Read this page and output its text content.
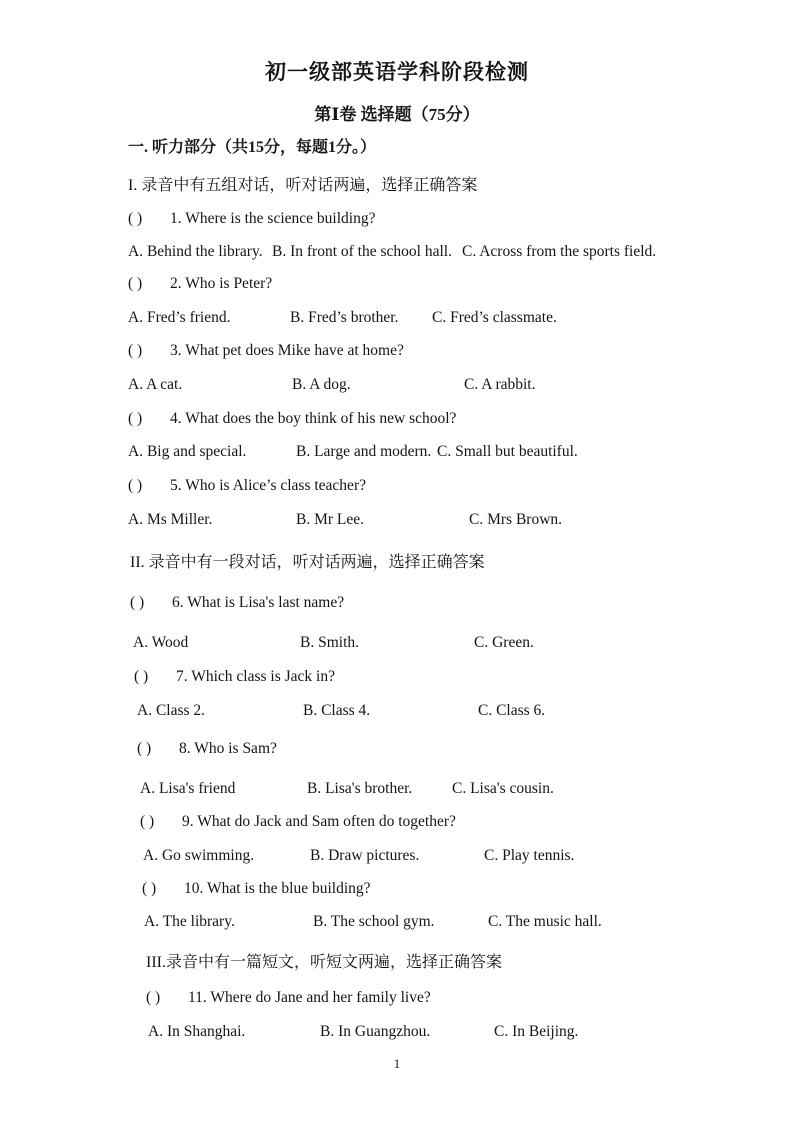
初一级部英语学科阶段检测
第Ⅰ卷 选择题（75分）
一. 听力部分（共15分，每题1分。）
I. 录音中有五组对话，听对话两遍，选择正确答案
( ) 1. Where is the science building?
A. Behind the library. B. In front of the school hall. C. Across from the sports field.
( ) 2. Who is Peter?
A. Fred’s friend.	B. Fred’s brother. C. Fred’s classmate.
( ) 3. What pet does Mike have at home?
A. A cat.	B. A dog.	C. A rabbit.
( ) 4. What does the boy think of his new school?
A. Big and special.	B. Large and modern. C. Small but beautiful.
( ) 5. Who is Alice’s class teacher?
A. Ms Miller.	B. Mr Lee.	C. Mrs Brown.
II. 录音中有一段对话，听对话两遍，选择正确答案
( ) 6. What is Lisa's last name?
A. Wood	B. Smith.	C. Green.
( ) 7. Which class is Jack in?
A. Class 2.	B. Class 4.	C. Class 6.
( ) 8. Who is Sam?
A. Lisa's friend	B. Lisa's brother.	C. Lisa's cousin.
( ) 9. What do Jack and Sam often do together?
A. Go swimming.	B. Draw pictures.	C. Play tennis.
( ) 10. What is the blue building?
A. The library.	B. The school gym.	C. The music hall.
III.录音中有一篇短文，听短文两遍，选择正确答案
( ) 11. Where do Jane and her family live?
A. In Shanghai.	B. In Guangzhou.	C. In Beijing.
1
